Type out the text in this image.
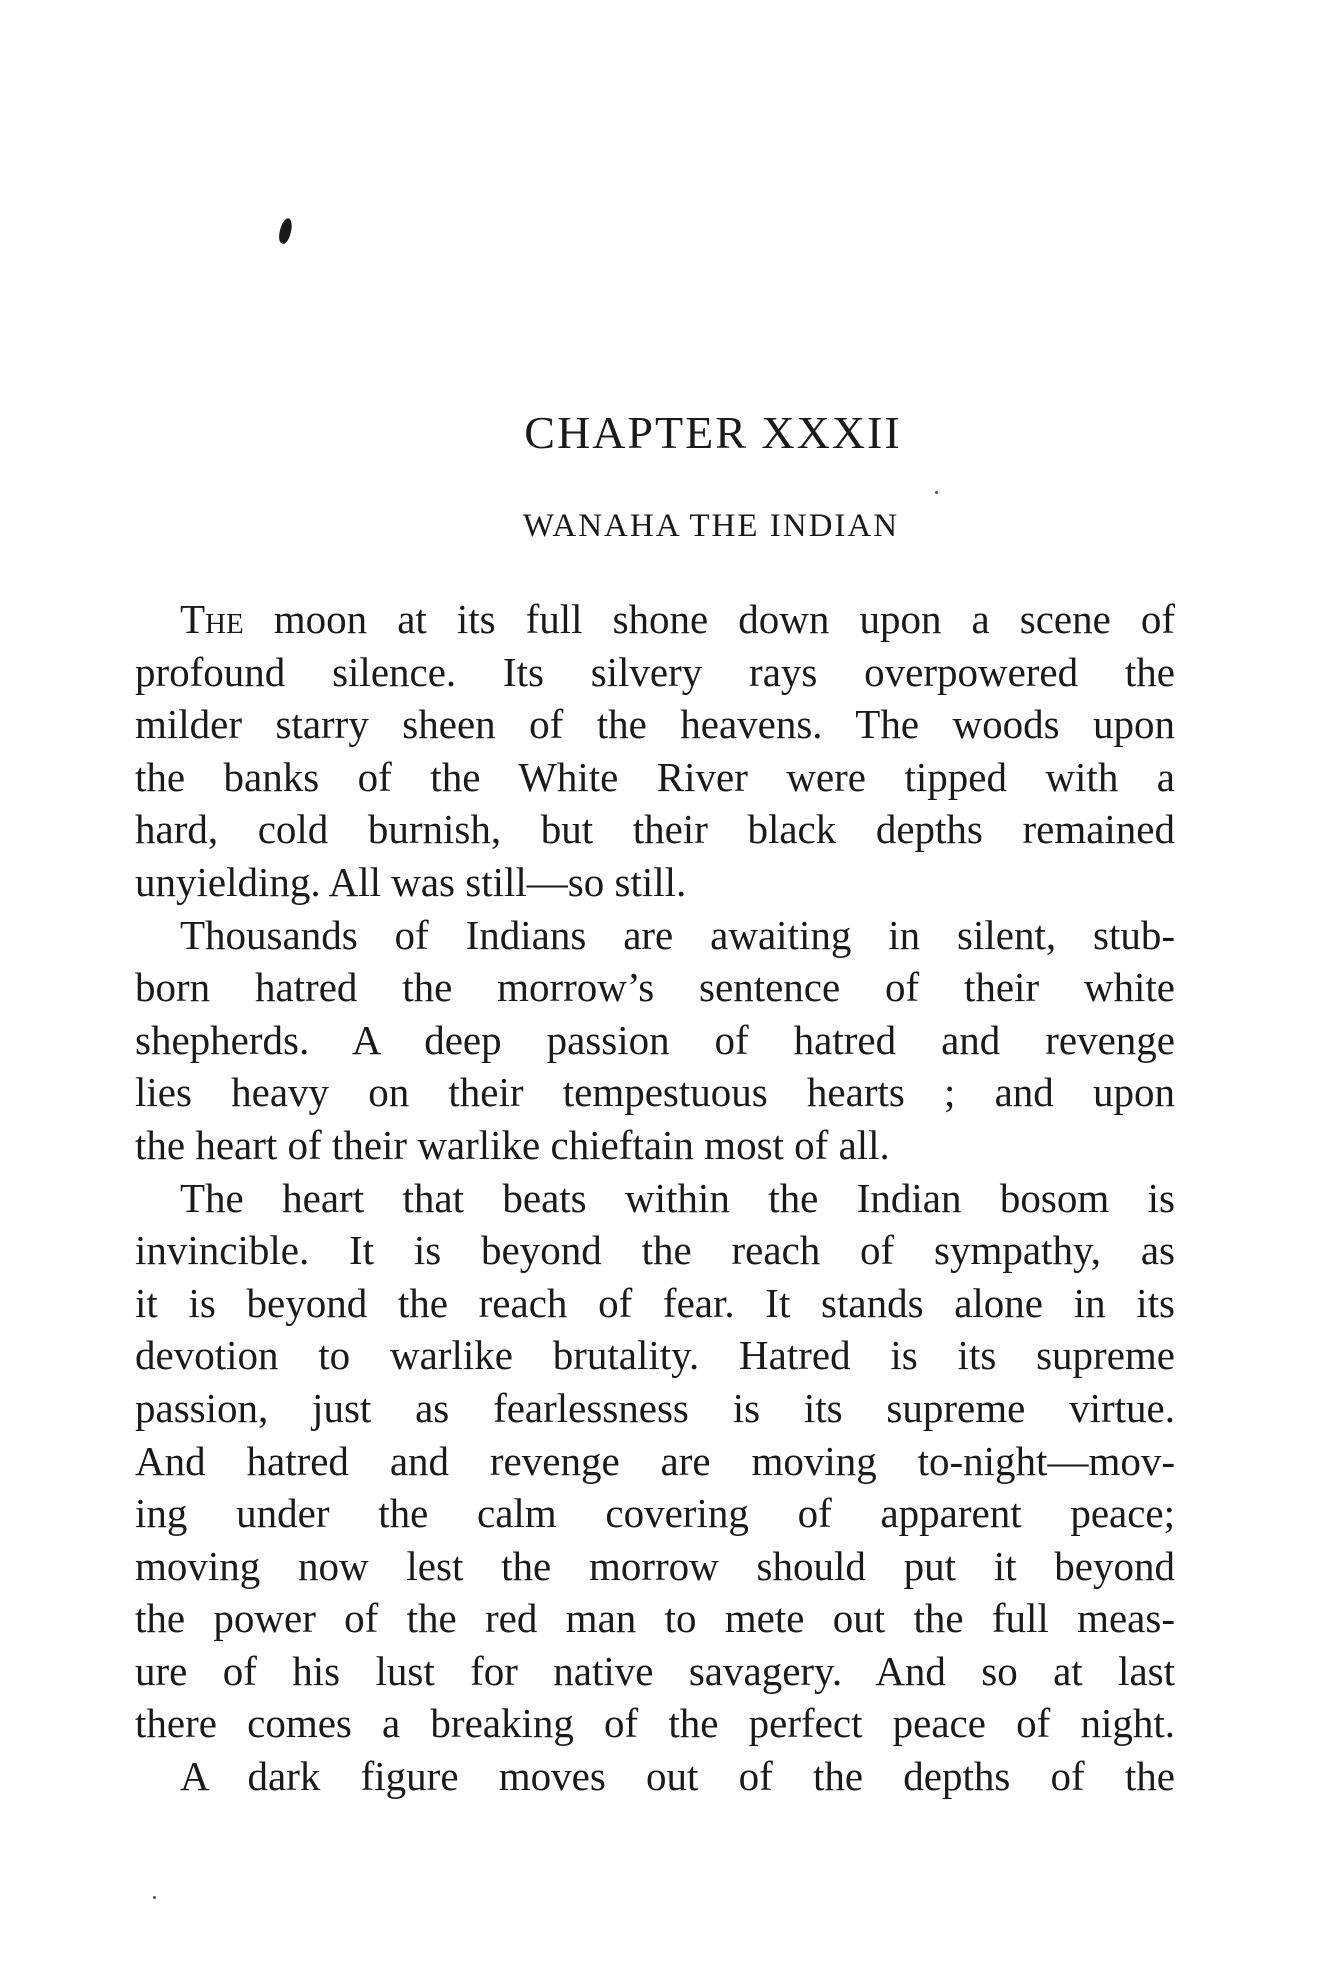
CHAPTER XXXII
WANAHA THE INDIAN
The moon at its full shone down upon a scene of
profound silence. Its silvery rays overpowered the
milder starry sheen of the heavens. The woods upon
the banks of the White River were tipped with a
hard, cold burnish, but their black depths remained
unyielding. All was still—so still.
Thousands of Indians are awaiting in silent, stub-
born hatred the morrow’s sentence of their white
shepherds. A deep passion of hatred and revenge
lies heavy on their tempestuous hearts ; and upon
the heart of their warlike chieftain most of all.
The heart that beats within the Indian bosom is
invincible. It is beyond the reach of sympathy, as
it is beyond the reach of fear. It stands alone in its
devotion to warlike brutality. Hatred is its supreme
passion, just as fearlessness is its supreme virtue.
And hatred and revenge are moving to-night—mov-
ing under the calm covering of apparent peace;
moving now lest the morrow should put it beyond
the power of the red man to mete out the full meas-
ure of his lust for native savagery. And so at last
there comes a breaking of the perfect peace of night.
A dark figure moves out of the depths of the
